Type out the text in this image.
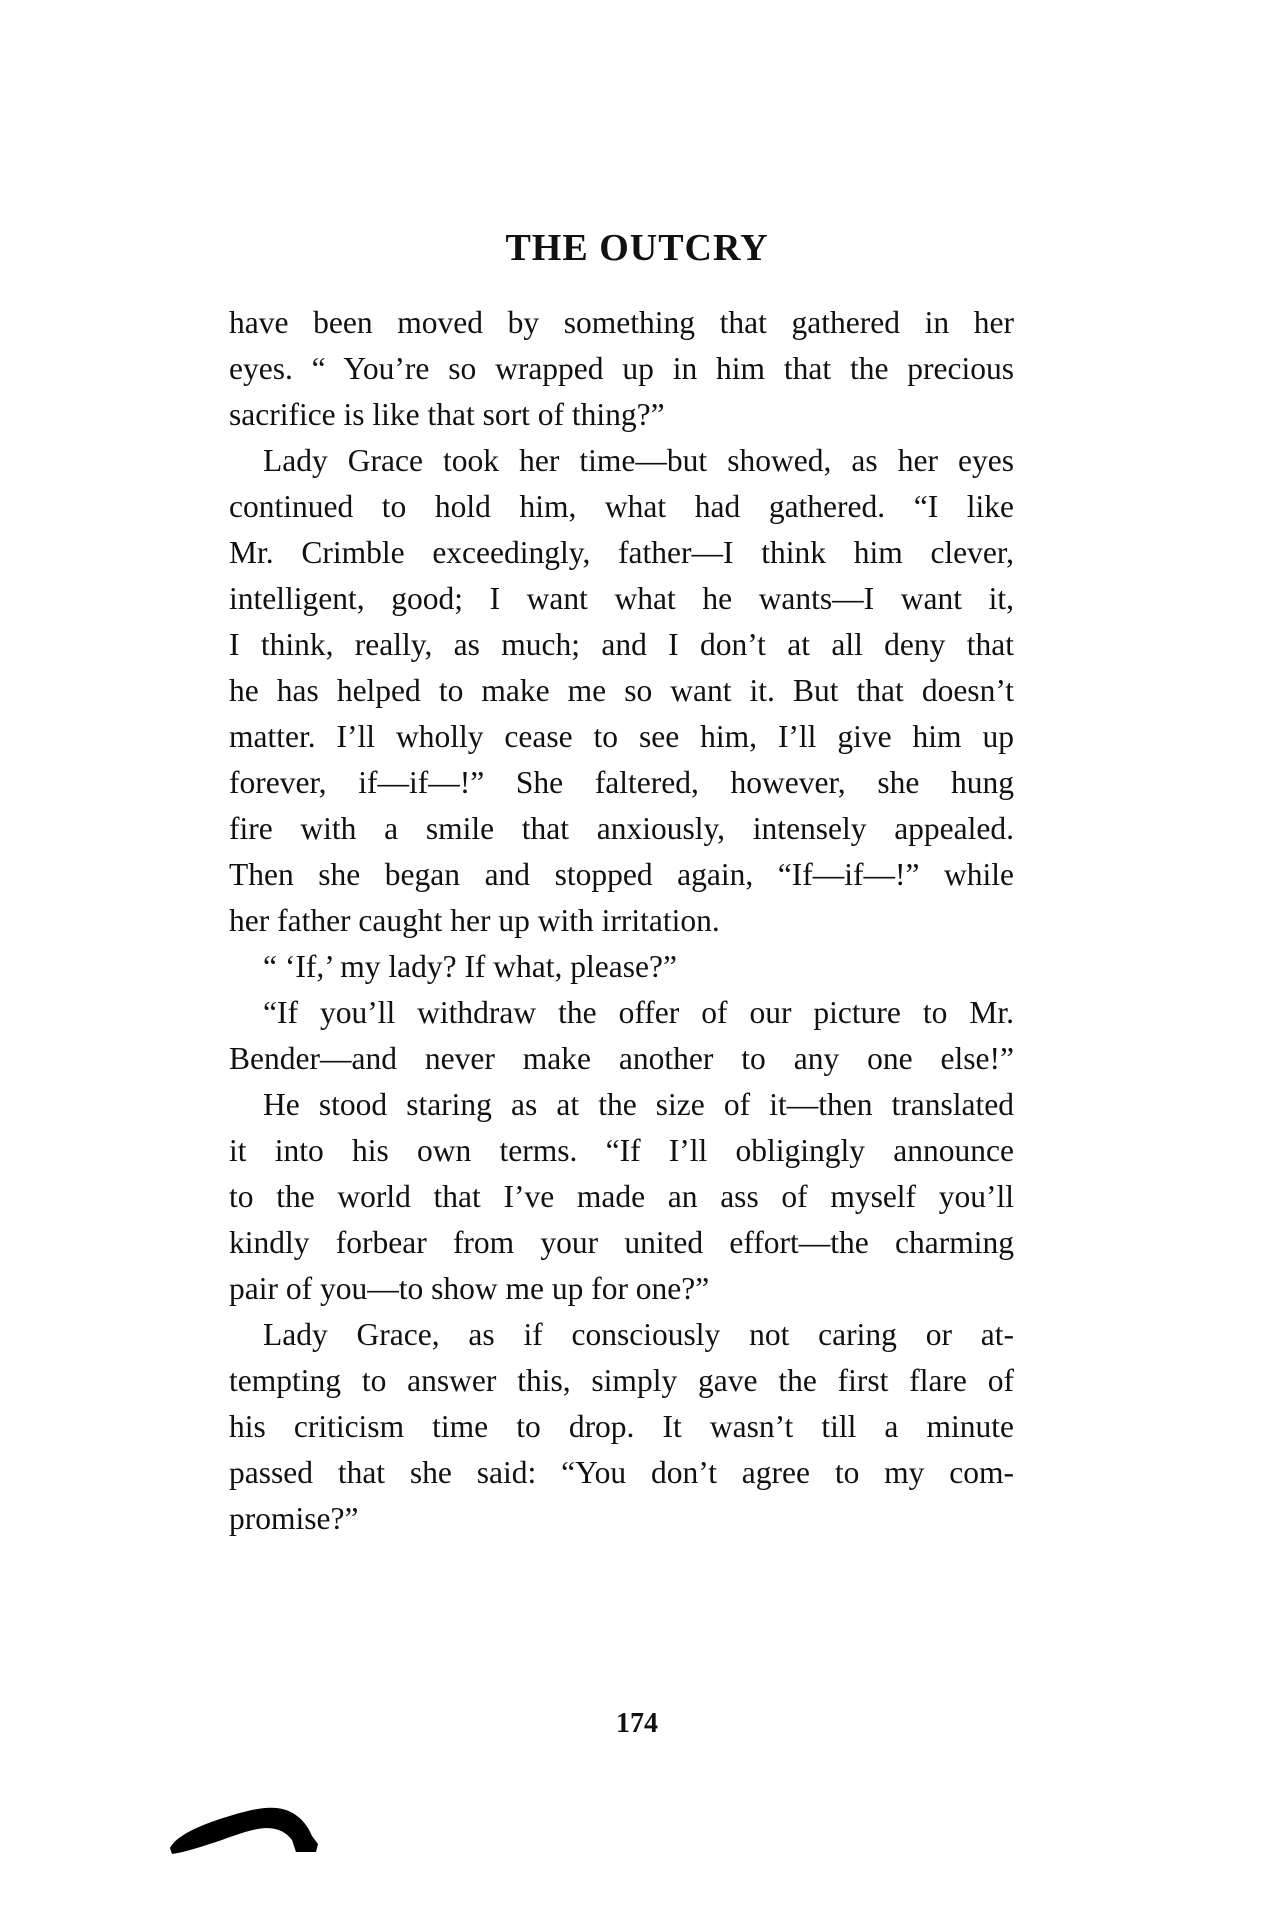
THE OUTCRY
have been moved by something that gathered in her
eyes. “ You’re so wrapped up in him that the precious
sacrifice is like that sort of thing?”
Lady Grace took her time—but showed, as her eyes
continued to hold him, what had gathered. “I like
Mr. Crimble exceedingly, father—I think him clever,
intelligent, good; I want what he wants—I want it,
I think, really, as much; and I don’t at all deny that
he has helped to make me so want it. But that doesn’t
matter. I’ll wholly cease to see him, I’ll give him up
forever, if—if—!” She faltered, however, she hung
fire with a smile that anxiously, intensely appealed.
Then she began and stopped again, “If—if—!” while
her father caught her up with irritation.
“ ‘If,’ my lady? If what, please?”
“If you’ll withdraw the offer of our picture to Mr.
Bender—and never make another to any one else!”
He stood staring as at the size of it—then translated
it into his own terms. “If I’ll obligingly announce
to the world that I’ve made an ass of myself you’ll
kindly forbear from your united effort—the charming
pair of you—to show me up for one?”
Lady Grace, as if consciously not caring or at-
tempting to answer this, simply gave the first flare of
his criticism time to drop. It wasn’t till a minute
passed that she said: “You don’t agree to my com-
promise?”

174
